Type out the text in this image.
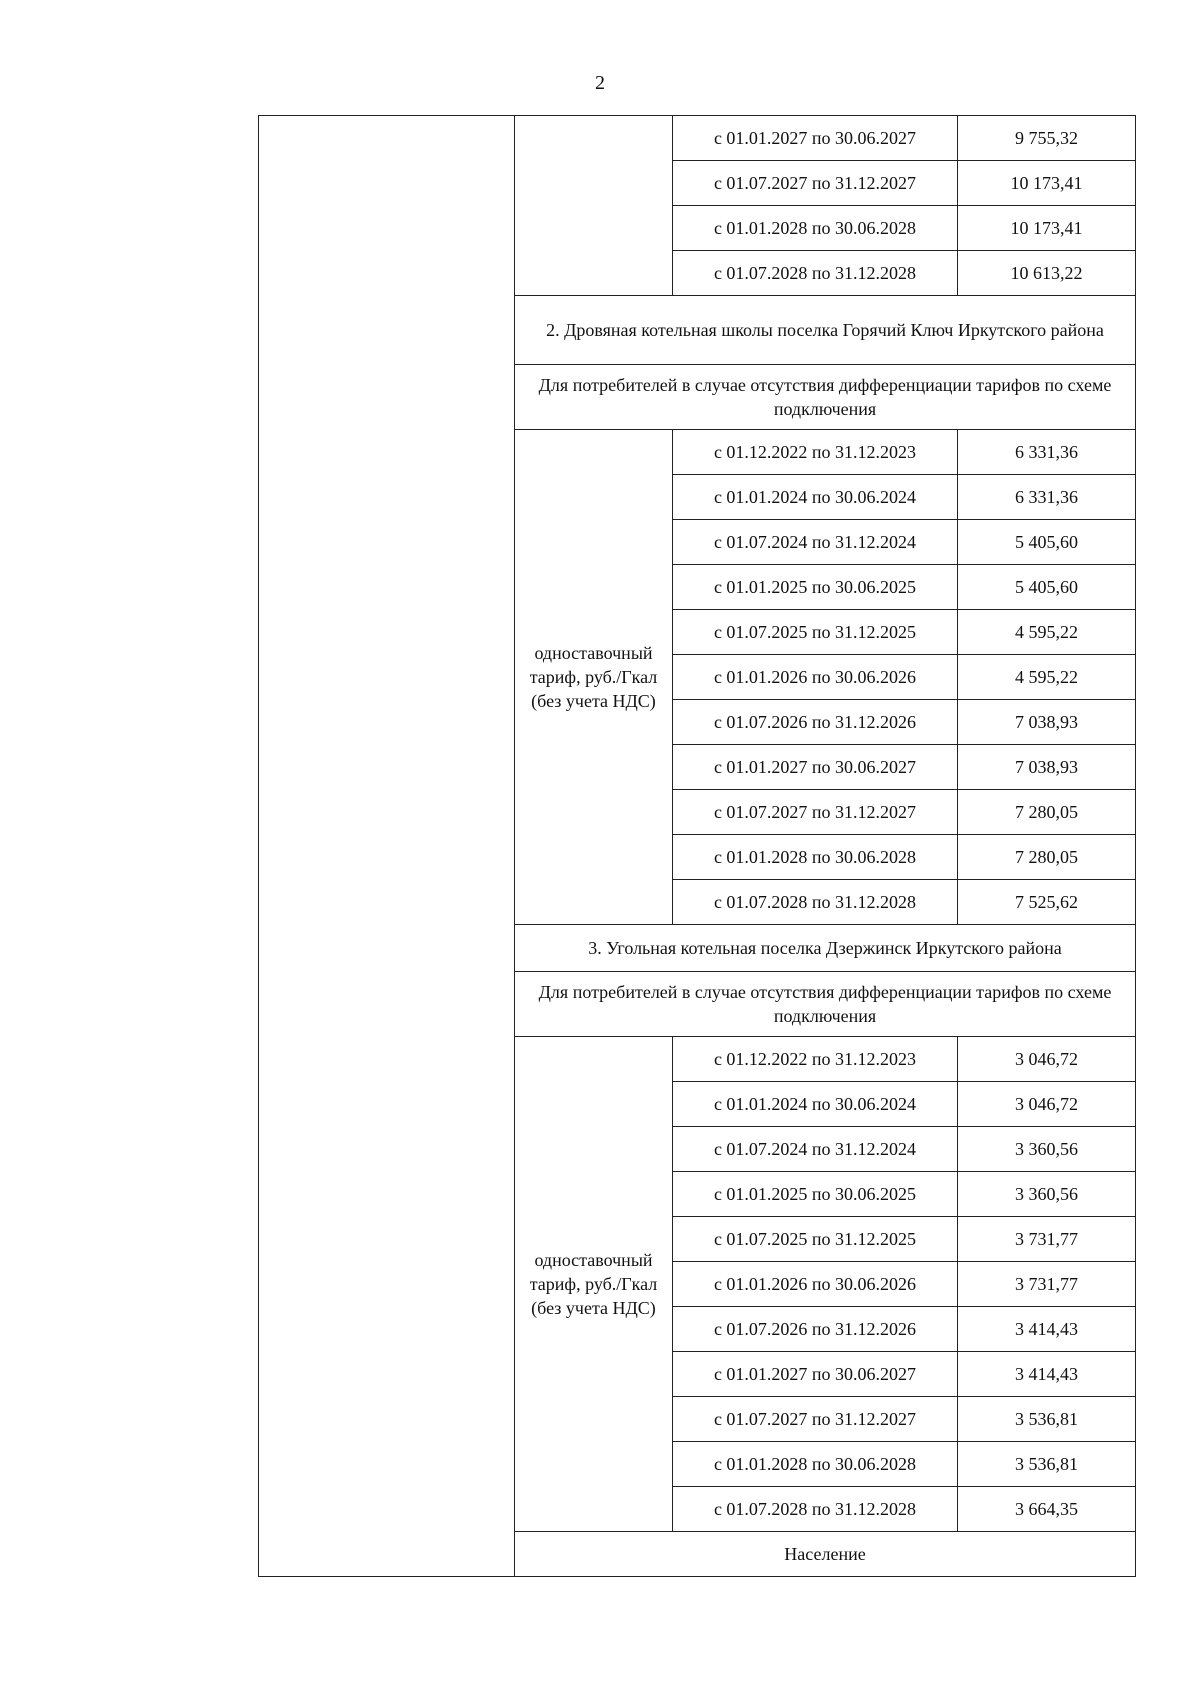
2
		с 01.01.2027 по 30.06.2027	9 755,32
		с 01.07.2027 по 31.12.2027	10 173,41
		с 01.01.2028 по 30.06.2028	10 173,41
		с 01.07.2028 по 31.12.2028	10 613,22
	2. Дровяная котельная школы поселка Горячий Ключ Иркутского района		
	Для потребителей в случае отсутствия дифференциации тарифов по схеме подключения		
	одноставочный
тариф, руб./Гкал
(без учета НДС)	с 01.12.2022 по 31.12.2023	6 331,36
		с 01.01.2024 по 30.06.2024	6 331,36
		с 01.07.2024 по 31.12.2024	5 405,60
		с 01.01.2025 по 30.06.2025	5 405,60
		с 01.07.2025 по 31.12.2025	4 595,22
		с 01.01.2026 по 30.06.2026	4 595,22
		с 01.07.2026 по 31.12.2026	7 038,93
		с 01.01.2027 по 30.06.2027	7 038,93
		с 01.07.2027 по 31.12.2027	7 280,05
		с 01.01.2028 по 30.06.2028	7 280,05
		с 01.07.2028 по 31.12.2028	7 525,62
	3. Угольная котельная поселка Дзержинск Иркутского района		
	Для потребителей в случае отсутствия дифференциации тарифов по схеме подключения		
	одноставочный
тариф, руб./Гкал
(без учета НДС)	с 01.12.2022 по 31.12.2023	3 046,72
		с 01.01.2024 по 30.06.2024	3 046,72
		с 01.07.2024 по 31.12.2024	3 360,56
		с 01.01.2025 по 30.06.2025	3 360,56
		с 01.07.2025 по 31.12.2025	3 731,77
		с 01.01.2026 по 30.06.2026	3 731,77
		с 01.07.2026 по 31.12.2026	3 414,43
		с 01.01.2027 по 30.06.2027	3 414,43
		с 01.07.2027 по 31.12.2027	3 536,81
		с 01.01.2028 по 30.06.2028	3 536,81
		с 01.07.2028 по 31.12.2028	3 664,35
	Население		
